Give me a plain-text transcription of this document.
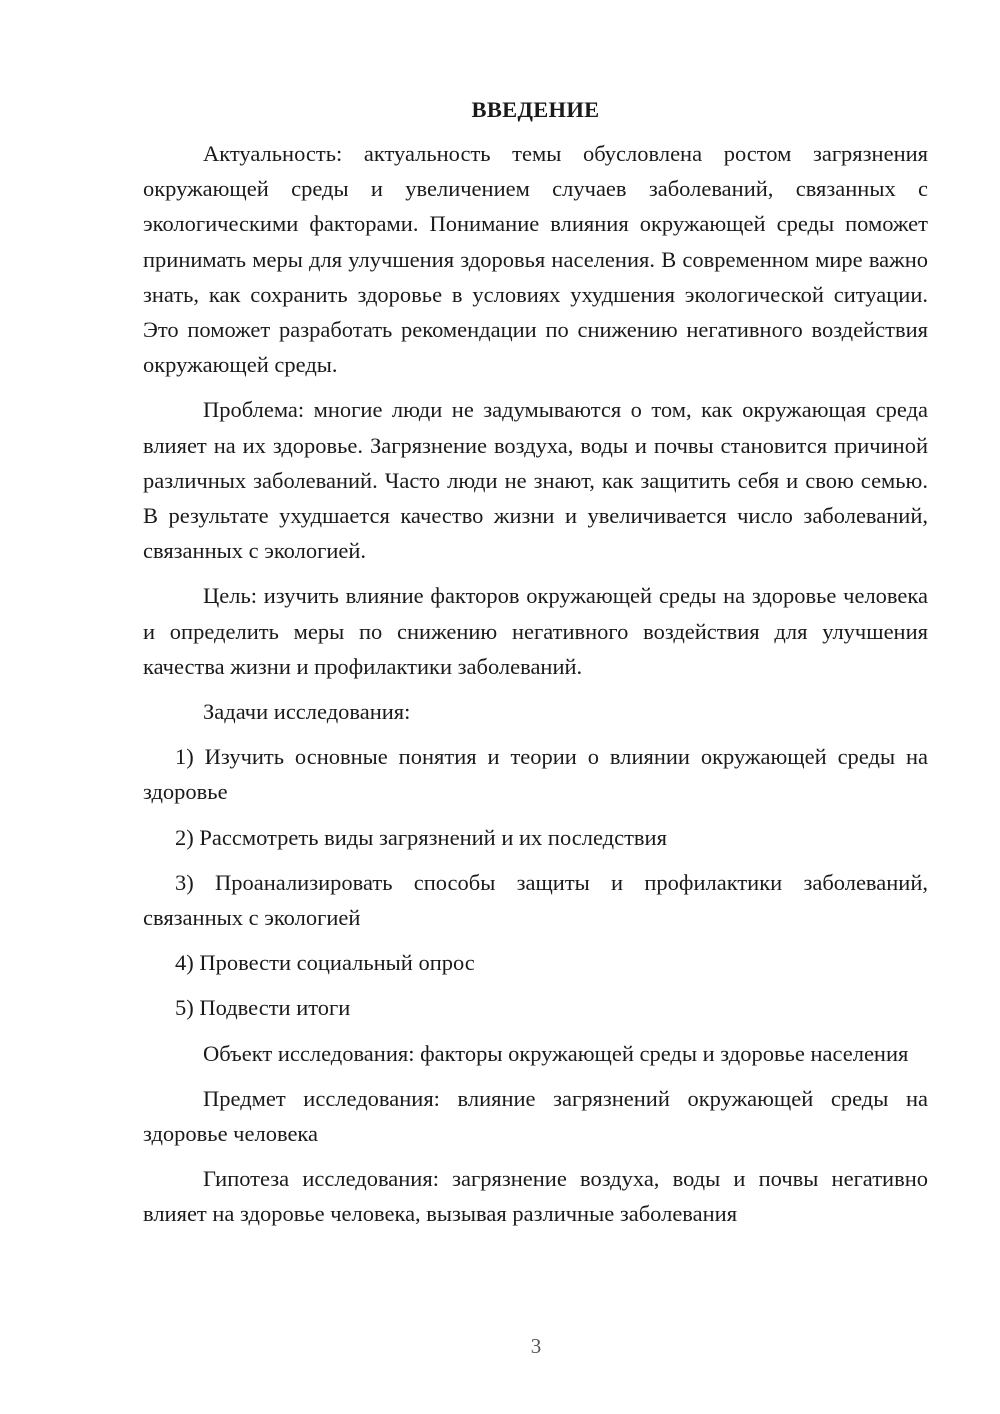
ВВЕДЕНИЕ

Актуальность: актуальность темы обусловлена ростом загрязнения окружающей среды и увеличением случаев заболеваний, связанных с экологическими факторами. Понимание влияния окружающей среды поможет принимать меры для улучшения здоровья населения. В современном мире важно знать, как сохранить здоровье в условиях ухудшения экологической ситуации. Это поможет разработать рекомендации по снижению негативного воздействия окружающей среды.

Проблема: многие люди не задумываются о том, как окружающая среда влияет на их здоровье. Загрязнение воздуха, воды и почвы становится причиной различных заболеваний. Часто люди не знают, как защитить себя и свою семью. В результате ухудшается качество жизни и увеличивается число заболеваний, связанных с экологией.

Цель: изучить влияние факторов окружающей среды на здоровье человека и определить меры по снижению негативного воздействия для улучшения качества жизни и профилактики заболеваний.

Задачи исследования:

1) Изучить основные понятия и теории о влиянии окружающей среды на здоровье

2) Рассмотреть виды загрязнений и их последствия

3) Проанализировать способы защиты и профилактики заболеваний, связанных с экологией

4) Провести социальный опрос

5) Подвести итоги

Объект исследования: факторы окружающей среды и здоровье населения

Предмет исследования: влияние загрязнений окружающей среды на здоровье человека

Гипотеза исследования: загрязнение воздуха, воды и почвы негативно влияет на здоровье человека, вызывая различные заболевания

3
